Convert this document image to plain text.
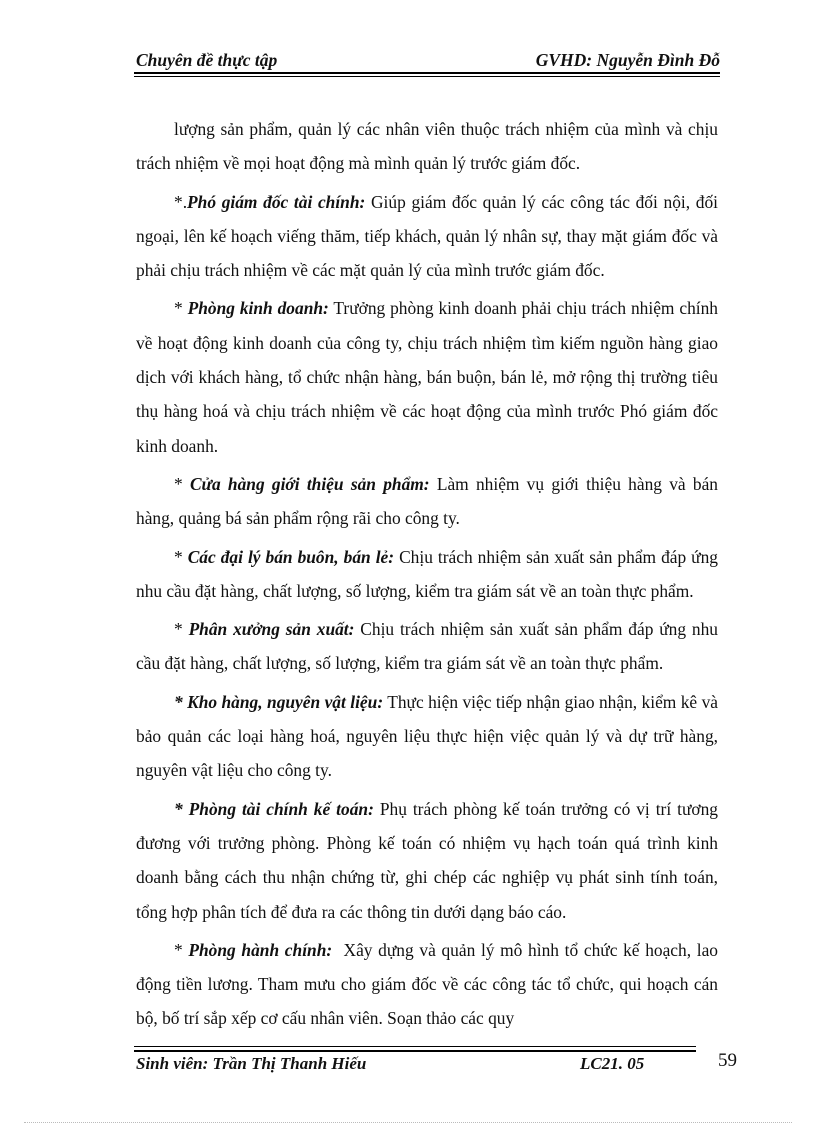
Chuyên đề thực tập	GVHD: Nguyễn Đình Đỗ

lượng sản phẩm, quản lý các nhân viên thuộc trách nhiệm của mình và chịu trách nhiệm về mọi hoạt động mà mình quản lý trước giám đốc.

*.Phó giám đốc tài chính: Giúp giám đốc quản lý các công tác đối nội, đối ngoại, lên kế hoạch viếng thăm, tiếp khách, quản lý nhân sự, thay mặt giám đốc và phải chịu trách nhiệm về các mặt quản lý của mình trước giám đốc.

* Phòng kinh doanh: Trưởng phòng kinh doanh phải chịu trách nhiệm chính về hoạt động kinh doanh của công ty, chịu trách nhiệm tìm kiếm nguồn hàng giao dịch với khách hàng, tổ chức nhận hàng, bán buộn, bán lẻ, mở rộng thị trường tiêu thụ hàng hoá và chịu trách nhiệm về các hoạt động của mình trước Phó giám đốc kinh doanh.

* Cửa hàng giới thiệu sản phẩm: Làm nhiệm vụ giới thiệu hàng và bán hàng, quảng bá sản phẩm rộng rãi cho công ty.

* Các đại lý bán buôn, bán lẻ: Chịu trách nhiệm sản xuất sản phẩm đáp ứng nhu cầu đặt hàng, chất lượng, số lượng, kiểm tra giám sát về an toàn thực phẩm.

* Phân xưởng sản xuất: Chịu trách nhiệm sản xuất sản phẩm đáp ứng nhu cầu đặt hàng, chất lượng, số lượng, kiểm tra giám sát về an toàn thực phẩm.

* Kho hàng, nguyên vật liệu: Thực hiện việc tiếp nhận giao nhận, kiểm kê và bảo quản các loại hàng hoá, nguyên liệu thực hiện việc quản lý và dự trữ hàng, nguyên vật liệu cho công ty.

* Phòng tài chính kế toán: Phụ trách phòng kế toán trưởng có vị trí tương đương với trưởng phòng. Phòng kế toán có nhiệm vụ hạch toán quá trình kinh doanh bằng cách thu nhận chứng từ, ghi chép các nghiệp vụ phát sinh tính toán, tổng hợp phân tích để đưa ra các thông tin dưới dạng báo cáo.

* Phòng hành chính:  Xây dựng và quản lý mô hình tổ chức kế hoạch, lao động tiền lương. Tham mưu cho giám đốc về các công tác tổ chức, qui hoạch cán bộ, bố trí sắp xếp cơ cấu nhân viên. Soạn thảo các quy

Sinh viên: Trần Thị Thanh Hiếu	LC21. 05	59
